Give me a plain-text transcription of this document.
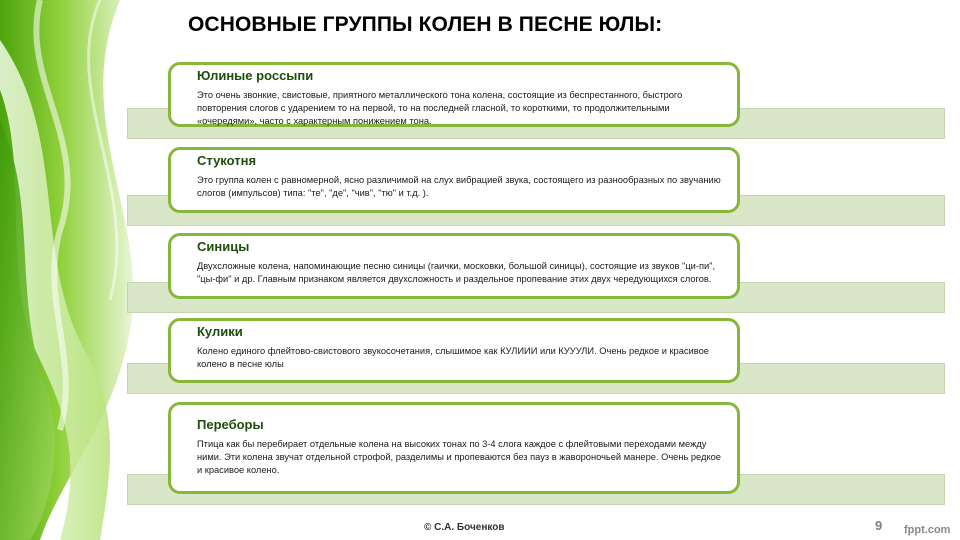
ОСНОВНЫЕ ГРУППЫ КОЛЕН В ПЕСНЕ ЮЛЫ:
Юлиные россыпи

Это очень звонкие, свистовые, приятного металлического тона колена, состоящие из беспрестанного, быстрого повторения слогов с ударением то на первой, то на последней гласной, то короткими, то продолжительными «очередями», часто с характерным понижением тона.

Стукотня

Это группа колен с равномерной, ясно различимой на слух вибрацией звука, состоящего из разнообразных по звучанию слогов (импульсов) типа: "те", "де", "чив", "тю" и т.д. ).

Синицы

Двухсложные колена, напоминающие песню синицы (гаички, московки, большой синицы), состоящие из звуков "ци-пи", "цы-фи" и др. Главным признаком является двухсложность и раздельное пропевание этих двух чередующихся слогов.

Кулики

Колено единого флейтово-свистового звукосочетания, слышимое как КУЛИИИ или КУУУЛИ. Очень редкое и красивое колено в песне юлы

Переборы

Птица как бы перебирает отдельные колена на высоких тонах по 3-4 слога каждое с флейтовыми переходами между ними. Эти колена звучат отдельной строфой, разделимы и пропеваются без пауз в жавороночьей манере. Очень редкое и красивое колено.

© С.А. Боченков	9 fppt.com
